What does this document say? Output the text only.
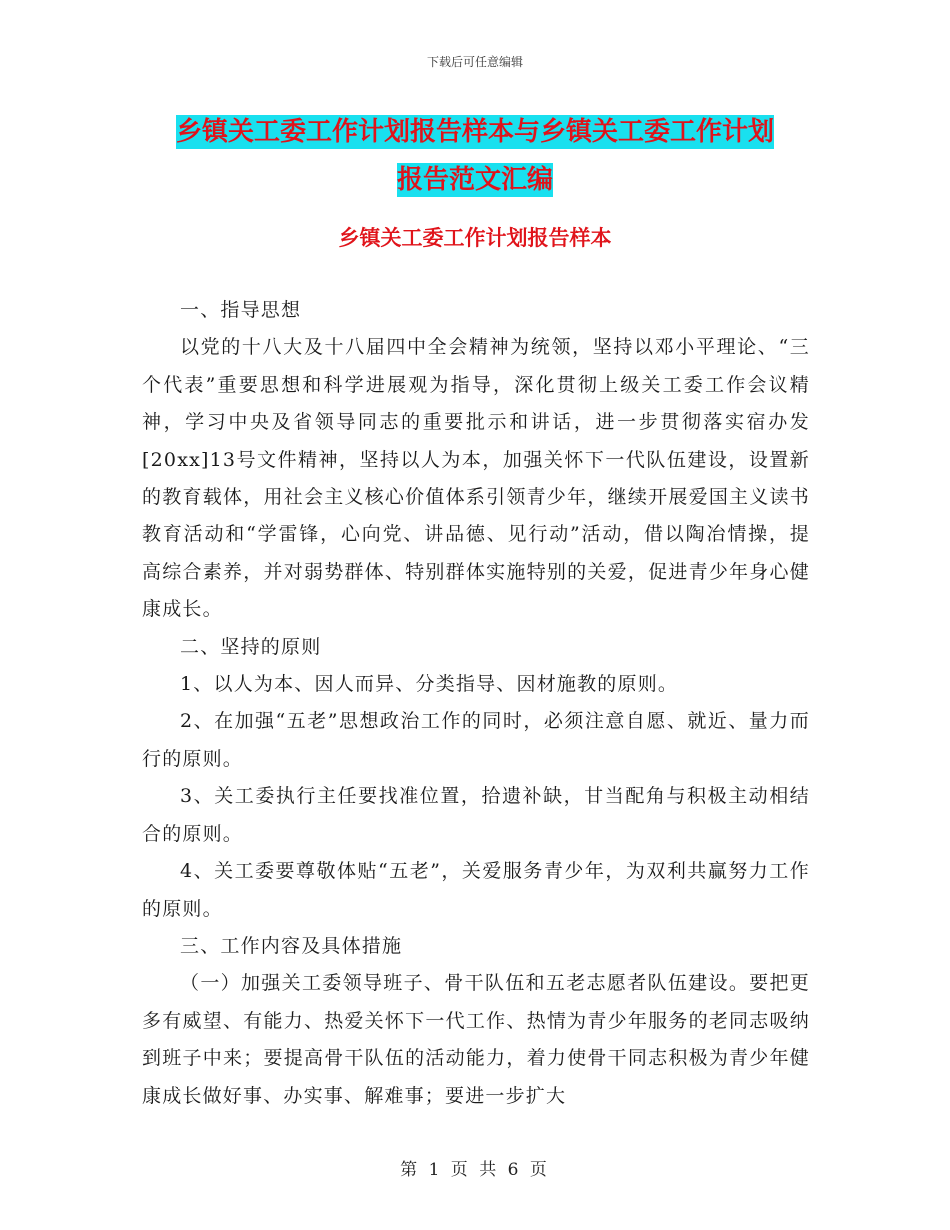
下载后可任意编辑
乡镇关工委工作计划报告样本与乡镇关工委工作计划
报告范文汇编
乡镇关工委工作计划报告样本

一、指导思想

以党的十八大及十八届四中全会精神为统领，坚持以邓小平理论、“三个代表”重要思想和科学进展观为指导，深化贯彻上级关工委工作会议精神，学习中央及省领导同志的重要批示和讲话，进一步贯彻落实宿办发[20xx]13号文件精神，坚持以人为本，加强关怀下一代队伍建设，设置新的教育载体，用社会主义核心价值体系引领青少年，继续开展爱国主义读书教育活动和“学雷锋，心向党、讲品德、见行动”活动，借以陶冶情操，提高综合素养，并对弱势群体、特别群体实施特别的关爱，促进青少年身心健康成长。

二、坚持的原则

1、以人为本、因人而异、分类指导、因材施教的原则。

2、在加强“五老”思想政治工作的同时，必须注意自愿、就近、量力而行的原则。

3、关工委执行主任要找准位置，拾遗补缺，甘当配角与积极主动相结合的原则。

4、关工委要尊敬体贴“五老”，关爱服务青少年，为双利共赢努力工作的原则。

三、工作内容及具体措施

（一）加强关工委领导班子、骨干队伍和五老志愿者队伍建设。要把更多有威望、有能力、热爱关怀下一代工作、热情为青少年服务的老同志吸纳到班子中来；要提高骨干队伍的活动能力，着力使骨干同志积极为青少年健康成长做好事、办实事、解难事；要进一步扩大

第 1 页 共 6 页
